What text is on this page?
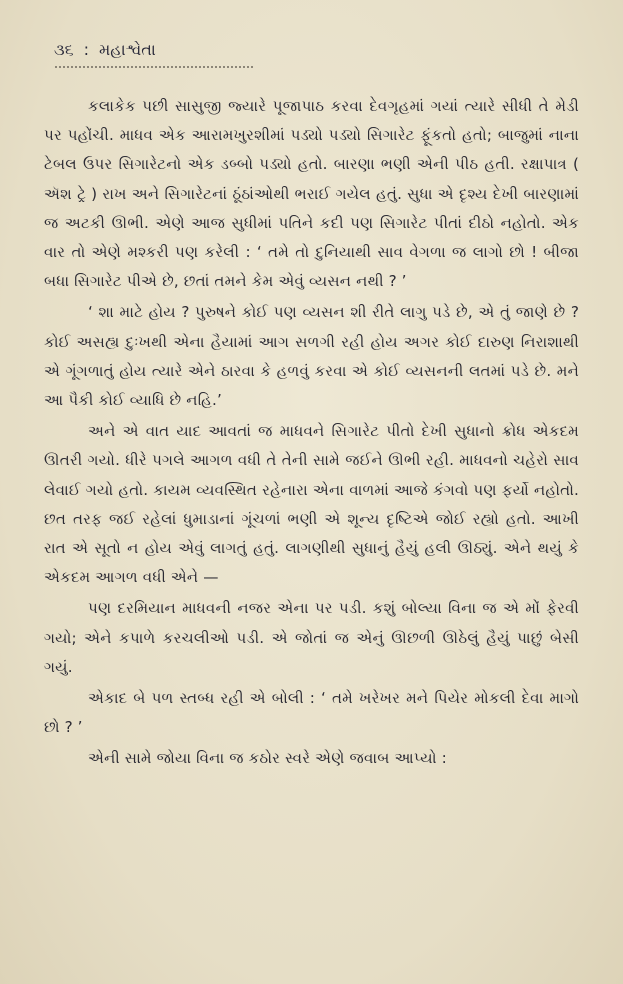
૩૬ : મહાશ્વેતા

કલાકેક પછી સાસુજી જ્યારે પૂજાપાઠ કરવા દેવગૃહમાં ગયાં ત્યારે સીધી તે મેડી પર પહોંચી. માધવ એક આરામખુરશીમાં પડ્યો પડ્યો સિગારેટ ફૂંકતો હતો; બાજુમાં નાના ટેબલ ઉપર સિગારેટનો એક ડબ્બો પડ્યો હતો. બારણા ભણી એની પીઠ હતી. રક્ષાપાત્ર ( ઍશ ટ્રે ) રાખ અને સિગારેટનાં ઠૂંઠાંઓથી ભરાઈ ગયેલ હતું. સુધા એ દૃશ્ય દેખી બારણામાં જ અટકી ઊભી. એણે આજ સુધીમાં પતિને કદી પણ સિગારેટ પીતાં દીઠો નહોતો. એક વાર તો એણે મશ્કરી પણ કરેલી : ‘ તમે તો દુનિયાથી સાવ વેગળા જ લાગો છો ! બીજા બધા સિગારેટ પીએ છે, છતાં તમને કેમ એવું વ્યસન નથી ? ’

‘ શા માટે હોય ? પુરુષને કોઈ પણ વ્યસન શી રીતે લાગુ પડે છે, એ તું જાણે છે ? કોઈ અસહ્ય દુઃખથી એના હૈયામાં આગ સળગી રહી હોય અગર કોઈ દારુણ નિરાશાથી એ ગૂંગળાતું હોય ત્યારે એને ઠારવા કે હળવું કરવા એ કોઈ વ્યસનની લતમાં પડે છે. મને આ પૈકી કોઈ વ્યાધિ છે નહિ.’

અને એ વાત યાદ આવતાં જ માધવને સિગારેટ પીતો દેખી સુધાનો ક્રોધ એકદમ ઊતરી ગયો. ધીરે પગલે આગળ વધી તે તેની સામે જઈને ઊભી રહી. માધવનો ચહેરો સાવ લેવાઈ ગયો હતો. કાયમ વ્યવસ્થિત રહેનારા એના વાળમાં આજે કંગવો પણ ફર્યો નહોતો. છત તરફ જઈ રહેલાં ધુમાડાનાં ગૂંચળાં ભણી એ શૂન્ય દૃષ્ટિએ જોઈ રહ્યો હતો. આખી રાત એ સૂતો ન હોય એવું લાગતું હતું. લાગણીથી સુધાનું હૈયું હલી ઊઠ્યું. એને થયું કે એકદમ આગળ વધી એને —

પણ દરમિયાન માધવની નજર એના પર પડી. કશું બોલ્યા વિના જ એ મોં ફેરવી ગયો; એને કપાળે કરચલીઓ પડી. એ જોતાં જ એનું ઊછળી ઊઠેલું હૈયું પાછું બેસી ગયું.

એકાદ બે પળ સ્તબ્ધ રહી એ બોલી : ‘ તમે ખરેખર મને પિયેર મોકલી દેવા માગો છો ? ’

એની સામે જોયા વિના જ કઠોર સ્વરે એણે જવાબ આપ્યો :
